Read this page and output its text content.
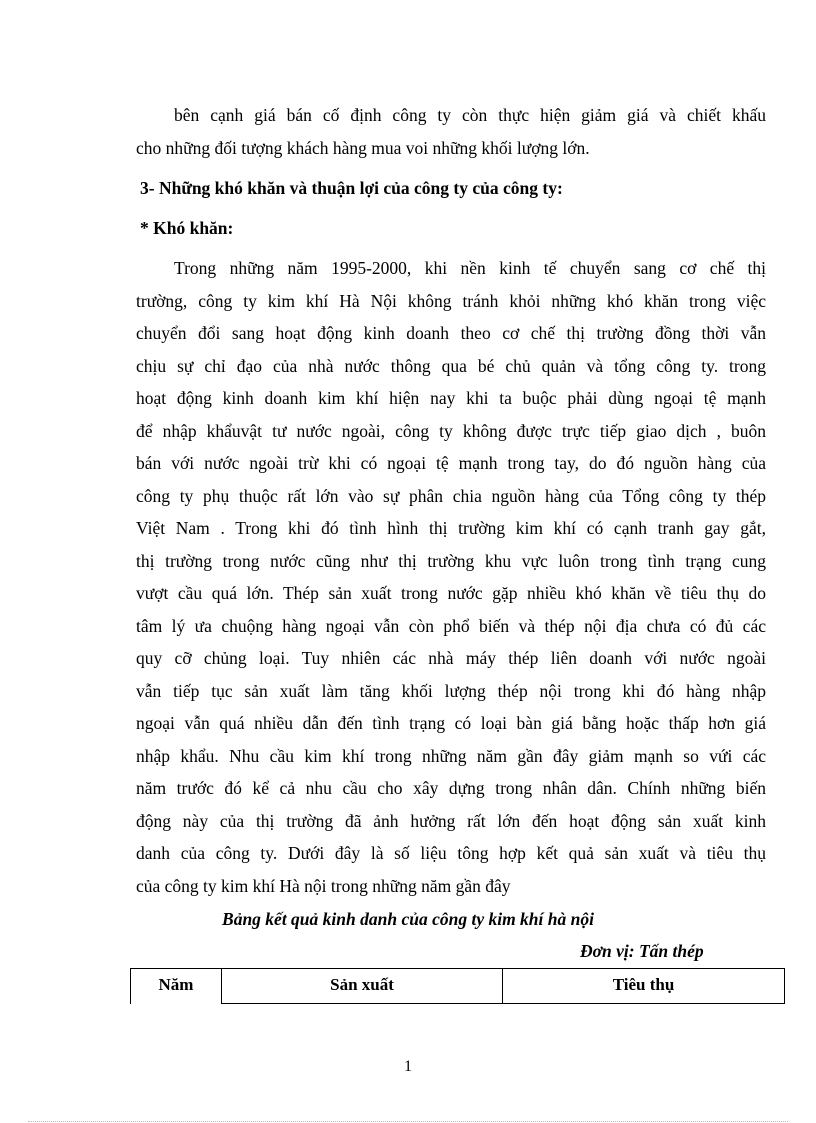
bên cạnh giá bán cố định công ty còn thực hiện giảm giá và chiết khấu
cho những đối tượng khách hàng mua voi những khối lượng lớn.
3- Những khó khăn và thuận lợi của công ty của công ty:
* Khó khăn:
Trong những năm 1995-2000, khi nền kinh tế chuyển sang cơ chế thị
trường, công ty kim khí Hà Nội không tránh khỏi những khó khăn trong việc
chuyển đổi sang hoạt động kinh doanh theo cơ chế thị trường đồng thời vẫn
chịu sự chỉ đạo của nhà nước thông qua bé chủ quản và tổng công ty. trong
hoạt động kinh doanh kim khí hiện nay khi ta buộc phải dùng ngoại tệ mạnh
để nhập khẩuvật tư nước ngoài, công ty không được trực tiếp giao dịch , buôn
bán với nước ngoài trừ khi có ngoại tệ mạnh trong tay, do đó nguồn hàng của
công ty phụ thuộc rất lớn vào sự phân chia nguồn hàng của Tổng công ty thép
Việt Nam . Trong khi đó tình hình thị trường kim khí có cạnh tranh gay gắt,
thị trường trong nước cũng như thị trường khu vực luôn trong tình trạng cung
vượt cầu quá lớn. Thép sản xuất trong nước gặp nhiều khó khăn về tiêu thụ do
tâm lý ưa chuộng hàng ngoại vẫn còn phổ biến và thép nội địa chưa có đủ các
quy cỡ chủng loại. Tuy nhiên các nhà máy thép liên doanh với nước ngoài
vẫn tiếp tục sản xuất làm tăng khối lượng thép nội trong khi đó hàng nhập
ngoại vẫn quá nhiều dẫn đến tình trạng có loại bàn giá bằng hoặc thấp hơn giá
nhập khẩu. Nhu cầu kim khí trong những năm gần đây giảm mạnh so vứi các
năm trước đó kể cả nhu cầu cho xây dựng trong nhân dân. Chính những biến
động này của thị trường đã ảnh hưởng rất lớn đến hoạt động sản xuất kinh
danh của công ty. Dưới đây là số liệu tông hợp kết quả sản xuất và tiêu thụ
của công ty kim khí Hà nội trong những năm gần đây
Bảng kết quả kinh danh của công ty kim khí hà nội
Đơn vị: Tấn thép
Năm	Sản xuất	Tiêu thụ
1
